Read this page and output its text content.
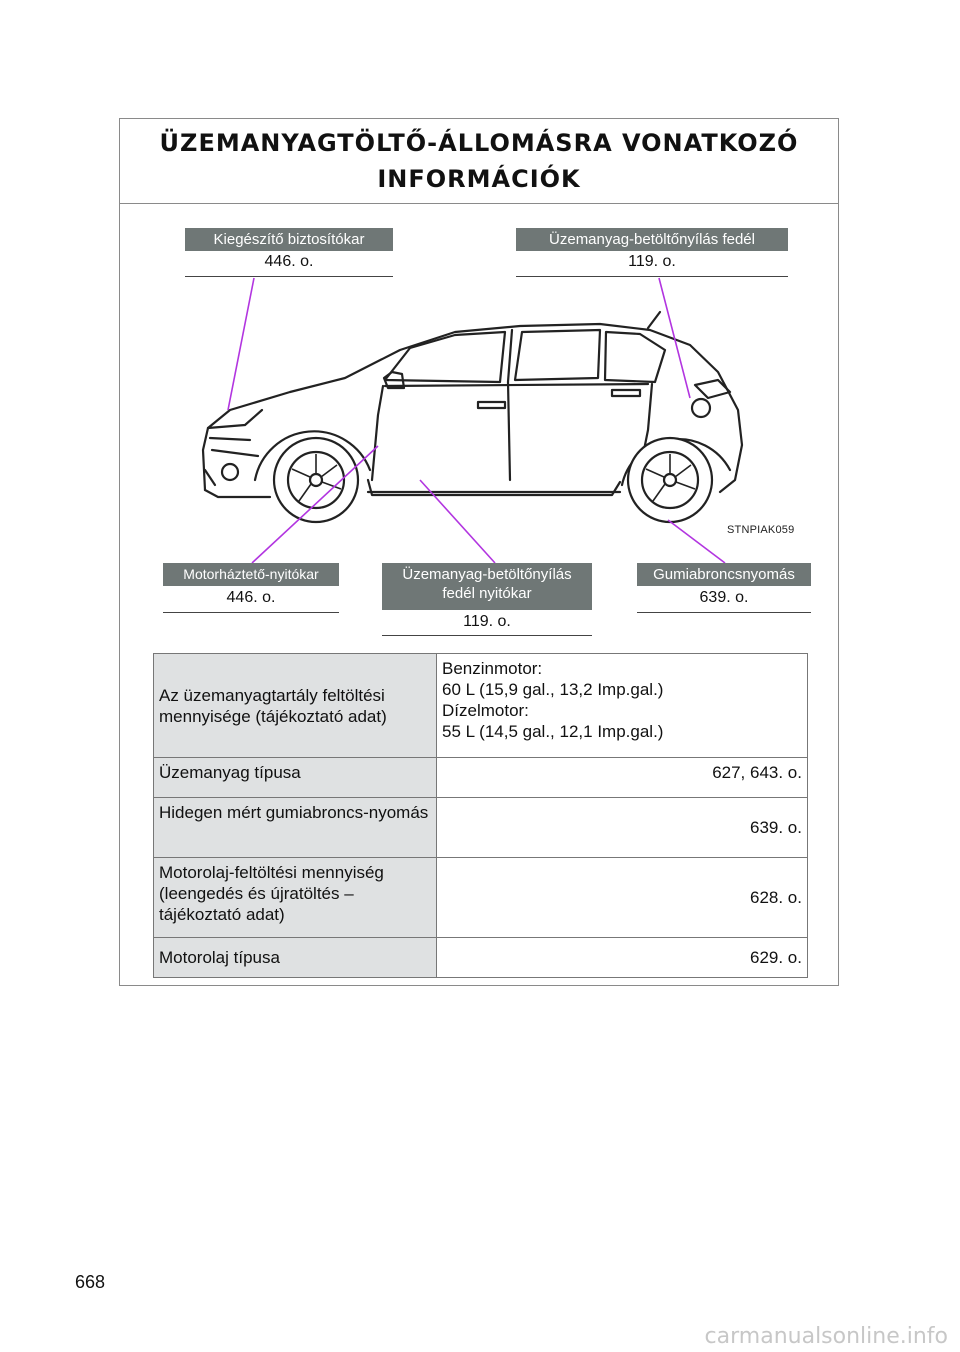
ÜZEMANYAGTÖLTŐ-ÁLLOMÁSRA VONATKOZÓ INFORMÁCIÓK
STNPIAK059
Kiegészítő biztosítókar
446. o.
Üzemanyag-betöltőnyílás fedél
119. o.
Motorháztető-nyitókar
446. o.
Üzemanyag-betöltőnyílás
fedél nyitókar
119. o.
Gumiabroncsnyomás
639. o.
Az üzemanyagtartály feltöltési mennyisége (tájékoztató adat)	Benzinmotor:
60 L (15,9 gal., 13,2 Imp.gal.)
Dízelmotor:
55 L (14,5 gal., 12,1 Imp.gal.)

Üzemanyag típusa	627, 643. o.
Hidegen mért gumiabroncs-nyomás	639. o.
Motorolaj-feltöltési mennyiség (leengedés és újratöltés – tájékoztató adat)	628. o.
Motorolaj típusa	629. o.
668
carmanualsonline.info
